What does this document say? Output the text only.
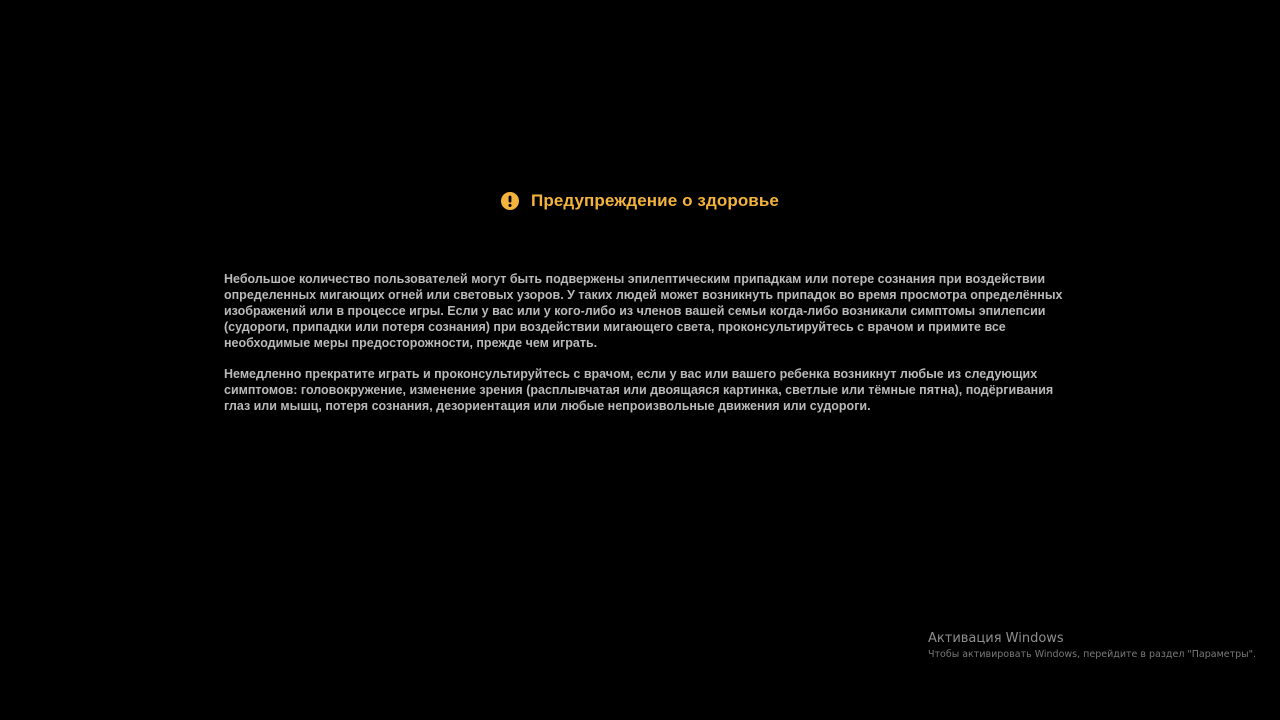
Предупреждение о здоровье

Небольшое количество пользователей могут быть подвержены эпилептическим припадкам или потере сознания при воздействии определенных мигающих огней или световых узоров. У таких людей может возникнуть припадок во время просмотра определённых изображений или в процессе игры. Если у вас или у кого-либо из членов вашей семьи когда-либо возникали симптомы эпилепсии (судороги, припадки или потеря сознания) при воздействии мигающего света, проконсультируйтесь с врачом и примите все необходимые меры предосторожности, прежде чем играть.

Немедленно прекратите играть и проконсультируйтесь с врачом, если у вас или вашего ребенка возникнут любые из следующих симптомов: головокружение, изменение зрения (расплывчатая или двоящаяся картинка, светлые или тёмные пятна), подёргивания глаз или мышц, потеря сознания, дезориентация или любые непроизвольные движения или судороги.

Активация Windows
Чтобы активировать Windows, перейдите в раздел "Параметры".
